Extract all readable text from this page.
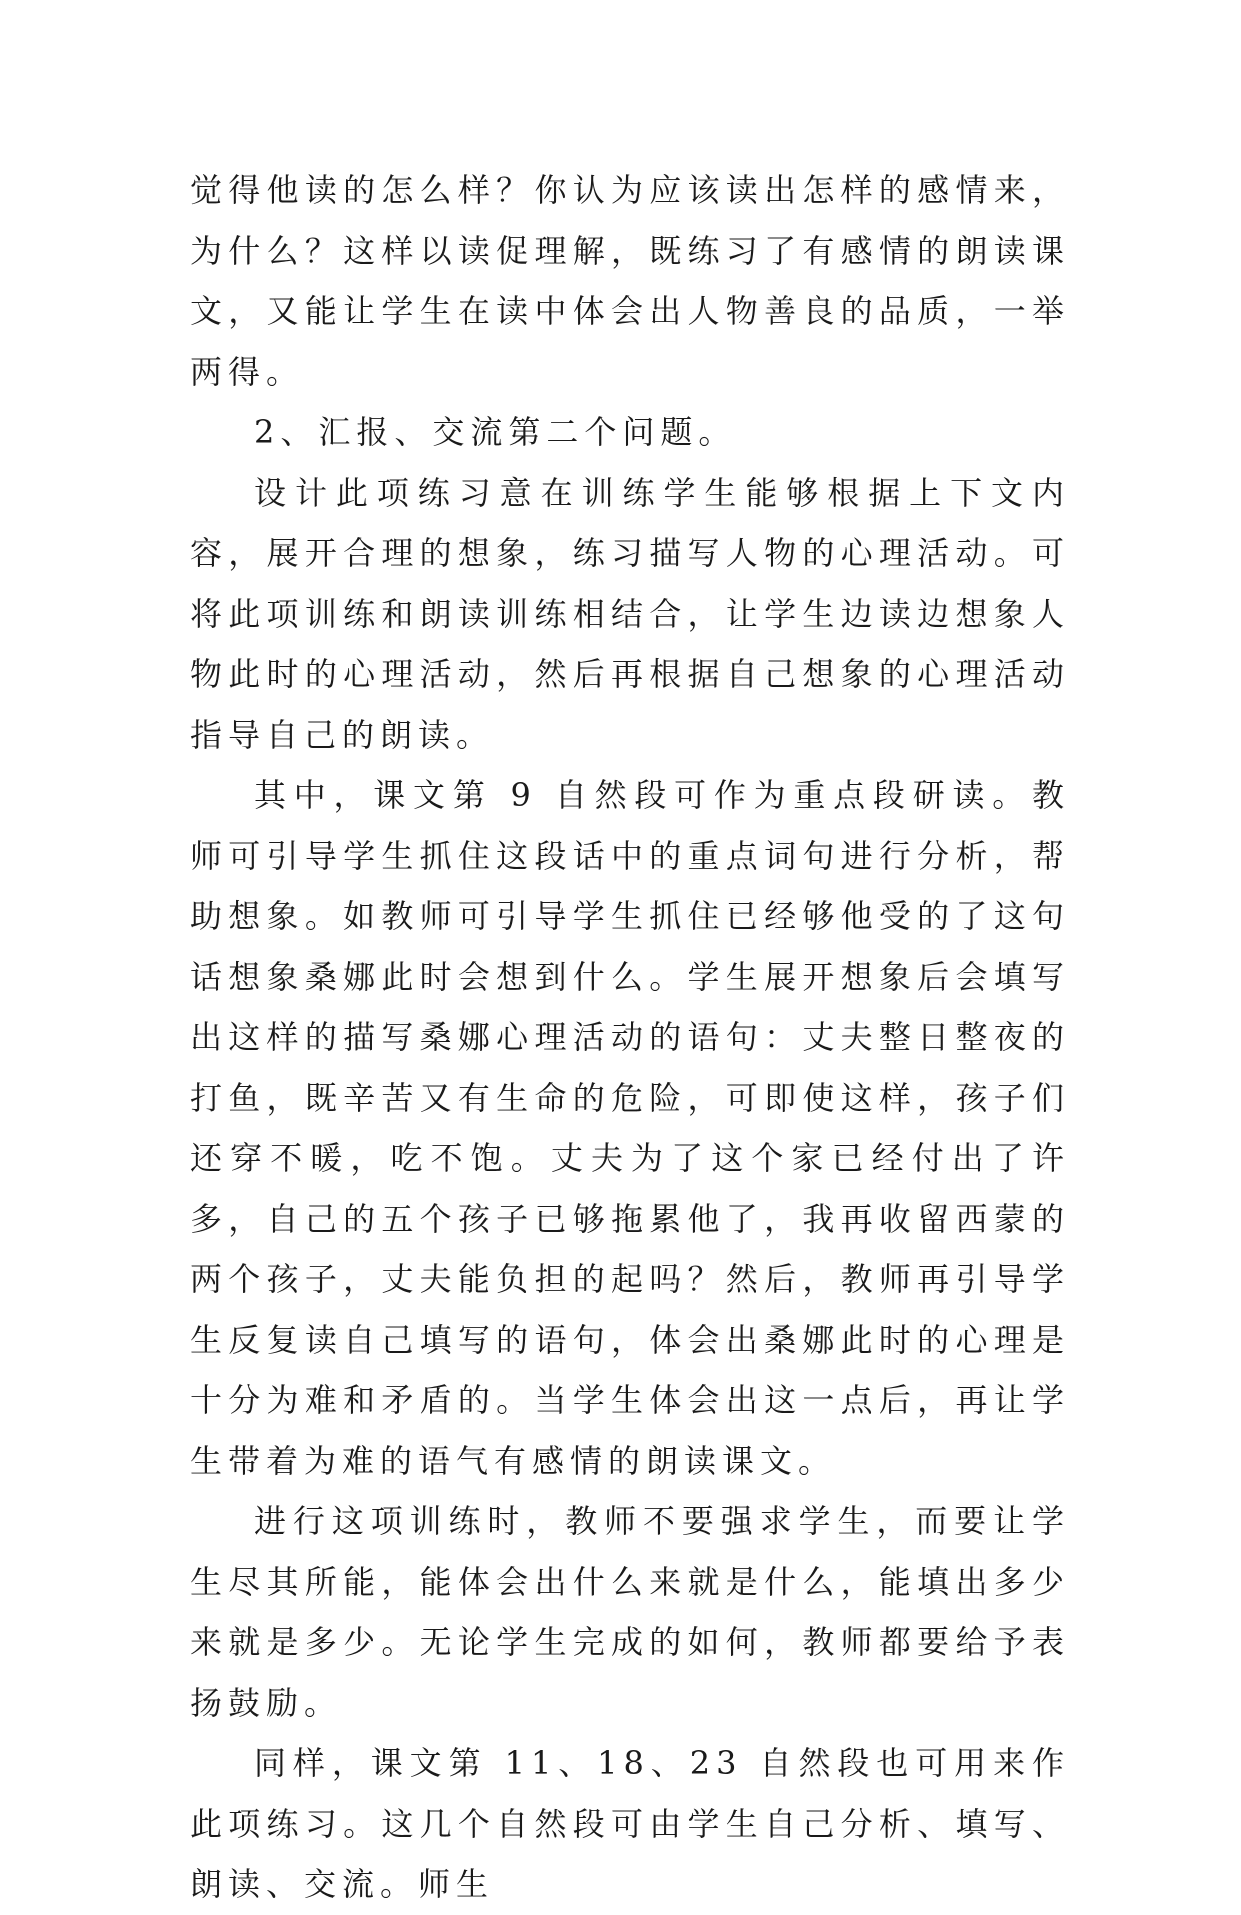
觉得他读的怎么样？你认为应该读出怎样的感情来，为什么？这样以读促理解，既练习了有感情的朗读课文，又能让学生在读中体会出人物善良的品质，一举两得。

2、汇报、交流第二个问题。

设计此项练习意在训练学生能够根据上下文内容，展开合理的想象，练习描写人物的心理活动。可将此项训练和朗读训练相结合，让学生边读边想象人物此时的心理活动，然后再根据自己想象的心理活动指导自己的朗读。

其中，课文第 9 自然段可作为重点段研读。教师可引导学生抓住这段话中的重点词句进行分析，帮助想象。如教师可引导学生抓住已经够他受的了这句话想象桑娜此时会想到什么。学生展开想象后会填写出这样的描写桑娜心理活动的语句：丈夫整日整夜的打鱼，既辛苦又有生命的危险，可即使这样，孩子们还穿不暖，吃不饱。丈夫为了这个家已经付出了许多，自己的五个孩子已够拖累他了，我再收留西蒙的两个孩子，丈夫能负担的起吗？然后，教师再引导学生反复读自己填写的语句，体会出桑娜此时的心理是十分为难和矛盾的。当学生体会出这一点后，再让学生带着为难的语气有感情的朗读课文。

进行这项训练时，教师不要强求学生，而要让学生尽其所能，能体会出什么来就是什么，能填出多少来就是多少。无论学生完成的如何，教师都要给予表扬鼓励。

同样，课文第 11、18、23 自然段也可用来作此项练习。这几个自然段可由学生自己分析、填写、朗读、交流。师生
